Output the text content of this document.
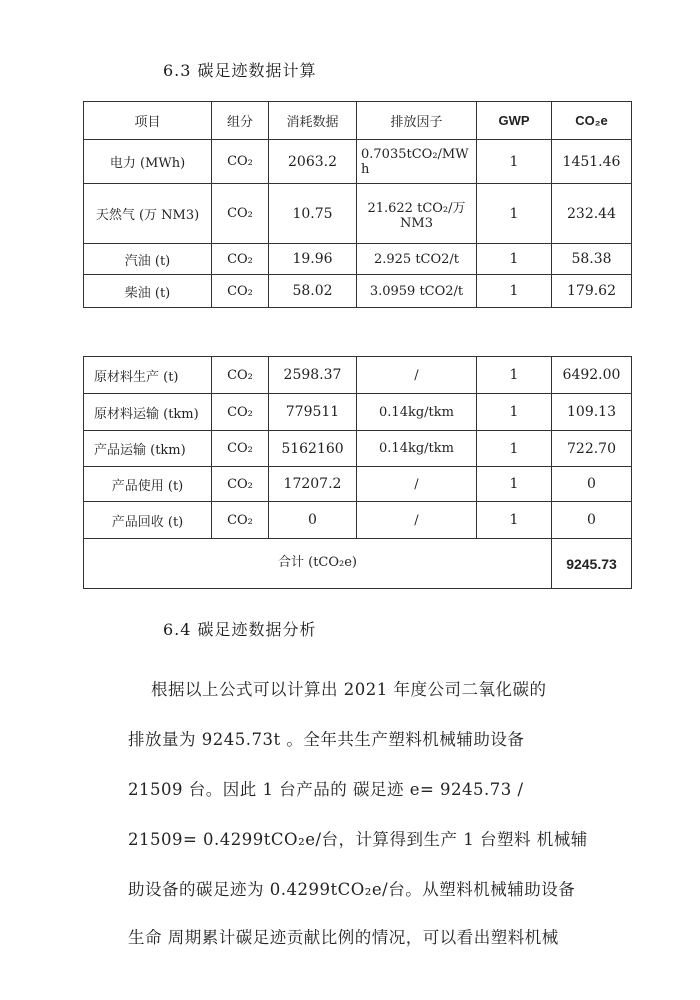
6.3 碳足迹数据计算
项目	组分	消耗数据	排放因子	GWP	CO₂e
电力 (MWh)	CO₂	2063.2	0.7035tCO₂/MWh	1	1451.46
天然气 (万 NM3)	CO₂	10.75	21.622 tCO₂/万 NM3	1	232.44
汽油 (t)	CO₂	19.96	2.925 tCO2/t	1	58.38
柴油 (t)	CO₂	58.02	3.0959 tCO2/t	1	179.62
原材料生产 (t)	CO₂	2598.37	/	1	6492.00
原材料运输 (tkm)	CO₂	779511	0.14kg/tkm	1	109.13
产品运输 (tkm)	CO₂	5162160	0.14kg/tkm	1	722.70
产品使用 (t)	CO₂	17207.2	/	1	0
产品回收 (t)	CO₂	0	/	1	0
合计 (tCO₂e)					9245.73
6.4 碳足迹数据分析
根据以上公式可以计算出 2021 年度公司二氧化碳的
排放量为 9245.73t 。全年共生产塑料机械辅助设备
21509 台。因此 1 台产品的 碳足迹 e= 9245.73 /
21509= 0.4299tCO₂e/台，计算得到生产 1 台塑料 机械辅
助设备的碳足迹为 0.4299tCO₂e/台。从塑料机械辅助设备
生命 周期累计碳足迹贡献比例的情况，可以看出塑料机械
